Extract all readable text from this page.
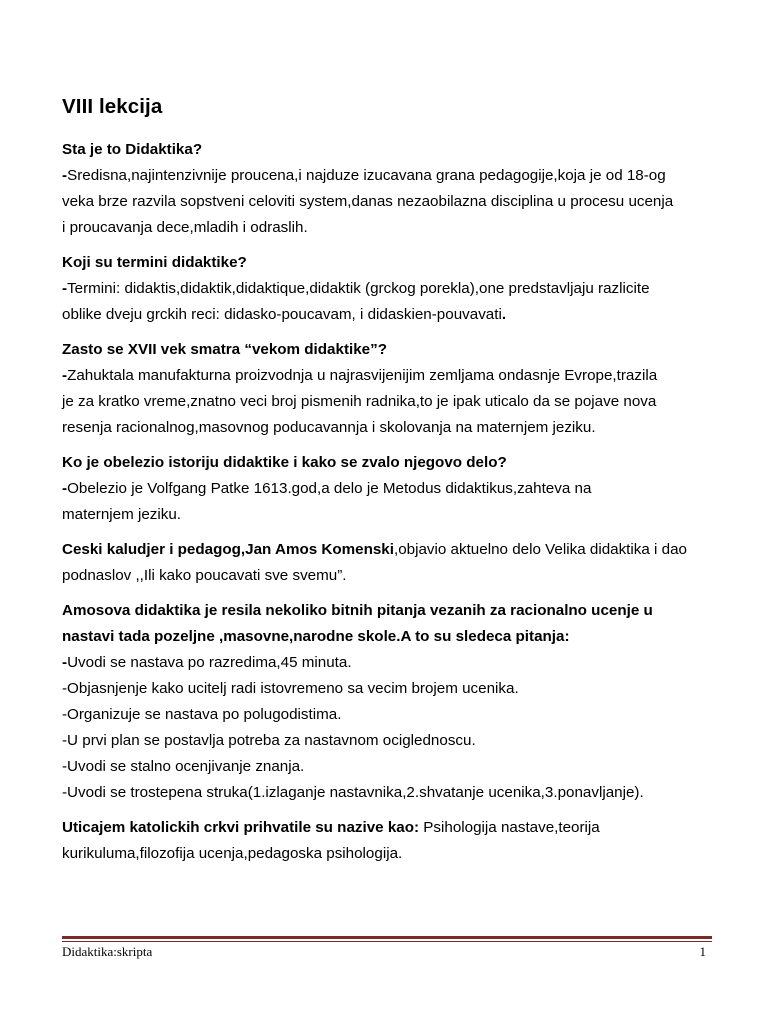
VIII lekcija
Sta je to Didaktika?
-Sredisna,najintenzivnije proucena,i najduze izucavana grana pedagogije,koja je od 18-og
veka brze razvila sopstveni celoviti system,danas nezaobilazna disciplina u procesu ucenja
i proucavanja dece,mladih i odraslih.
Koji su termini didaktike?
-Termini: didaktis,didaktik,didaktique,didaktik (grckog porekla),one predstavljaju razlicite
oblike dveju grckih reci: didasko-poucavam, i didaskien-pouvavati.
Zasto se XVII vek smatra “vekom didaktike”?
-Zahuktala manufakturna proizvodnja u najrasvijenijim zemljama ondasnje Evrope,trazila
je za kratko vreme,znatno veci broj pismenih radnika,to je ipak uticalo da se pojave nova
resenja racionalnog,masovnog poducavannja i skolovanja na maternjem jeziku.
Ko je obelezio istoriju didaktike i kako se zvalo njegovo delo?
-Obelezio je Volfgang Patke 1613.god,a delo je Metodus didaktikus,zahteva na
maternjem jeziku.
Ceski kaludjer i pedagog,Jan Amos Komenski,objavio aktuelno delo Velika didaktika i dao
podnaslov ,,Ili kako poucavati sve svemu”.
Amosova didaktika je resila nekoliko bitnih pitanja vezanih za racionalno ucenje u
nastavi tada pozeljne ,masovne,narodne skole.A to su sledeca pitanja:
-Uvodi se nastava po razredima,45 minuta.
-Objasnjenje kako ucitelj radi istovremeno sa vecim brojem ucenika.
-Organizuje se nastava po polugodistima.
-U prvi plan se postavlja potreba za nastavnom ociglednoscu.
-Uvodi se stalno ocenjivanje znanja.
-Uvodi se trostepena struka(1.izlaganje nastavnika,2.shvatanje ucenika,3.ponavljanje).
Uticajem katolickih crkvi prihvatile su nazive kao: Psihologija nastave,teorija
kurikuluma,filozofija ucenja,pedagoska psihologija.
Didaktika:skripta	1
